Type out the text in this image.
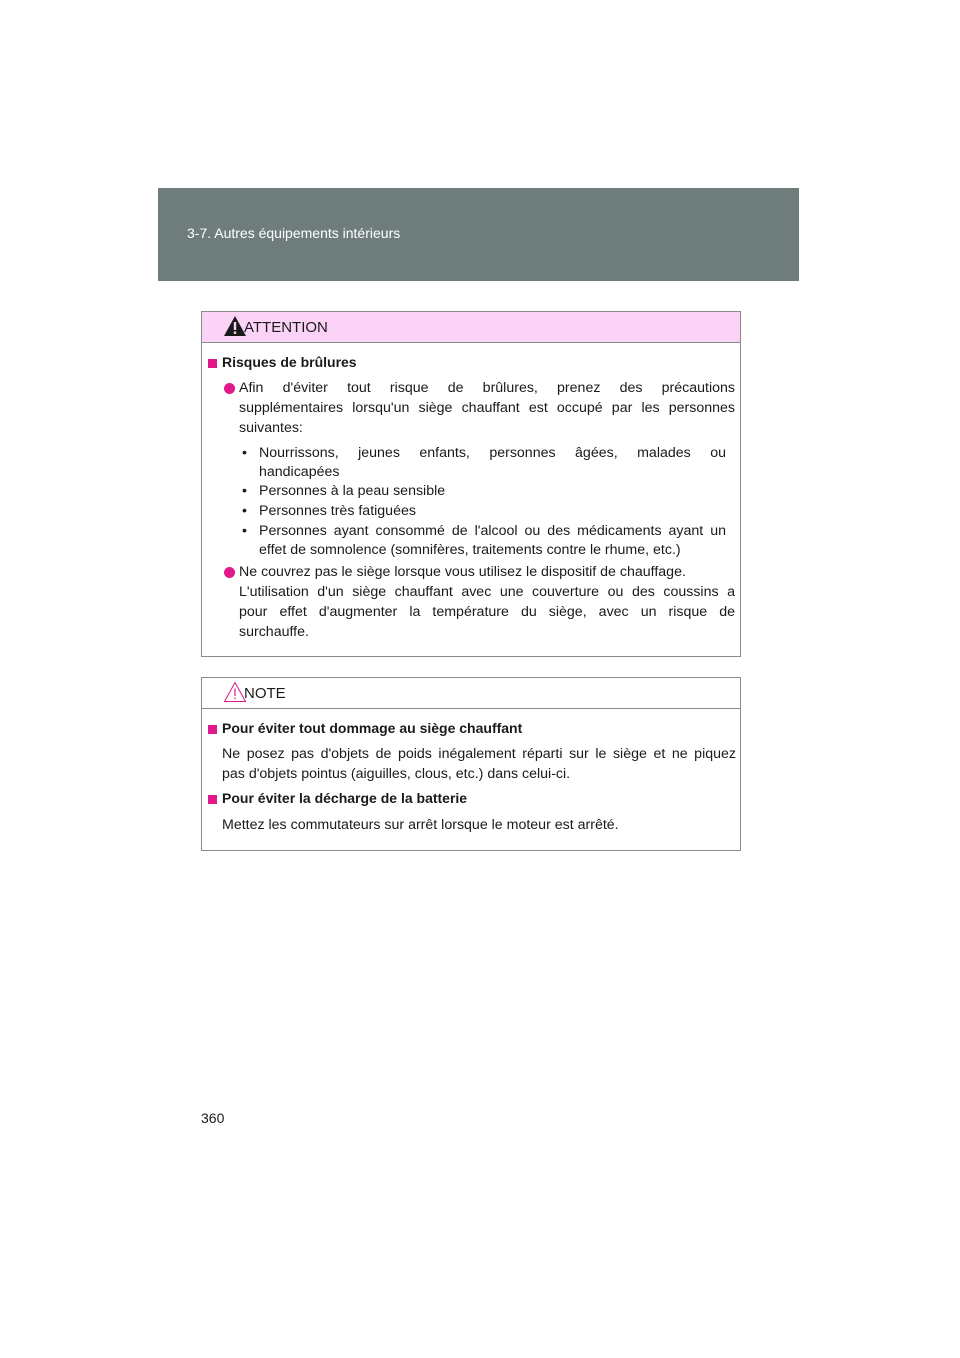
3-7. Autres équipements intérieurs
ATTENTION
Risques de brûlures
Afin d'éviter tout risque de brûlures, prenez des précautions
supplémentaires lorsqu'un siège chauffant est occupé par les personnes
suivantes:
• Nourrissons, jeunes enfants, personnes âgées, malades ou
handicapées
• Personnes à la peau sensible
• Personnes très fatiguées
• Personnes ayant consommé de l'alcool ou des médicaments ayant un
effet de somnolence (somnifères, traitements contre le rhume, etc.)
Ne couvrez pas le siège lorsque vous utilisez le dispositif de chauffage.
L'utilisation d'un siège chauffant avec une couverture ou des coussins a
pour effet d'augmenter la température du siège, avec un risque de
surchauffe.
NOTE
Pour éviter tout dommage au siège chauffant
Ne posez pas d'objets de poids inégalement réparti sur le siège et ne piquez
pas d'objets pointus (aiguilles, clous, etc.) dans celui-ci.
Pour éviter la décharge de la batterie
Mettez les commutateurs sur arrêt lorsque le moteur est arrêté.
360
